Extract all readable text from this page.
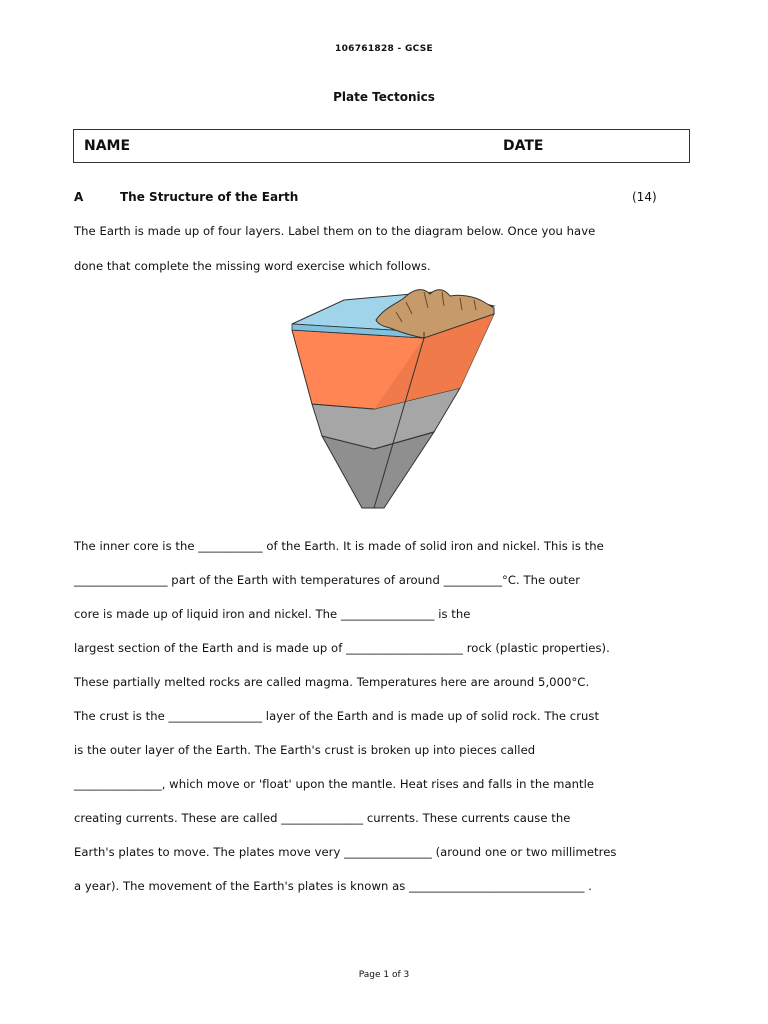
106761828 - GCSE
Plate Tectonics
NAME	DATE
A	The Structure of the Earth	(14)
The Earth is made up of four layers. Label them on to the diagram below. Once you have
done that complete the missing word exercise which follows.
The inner core is the ___________ of the Earth. It is made of solid iron and nickel. This is the
________________ part of the Earth with temperatures of around __________°C. The outer
core is made up of liquid iron and nickel. The ________________ is the
largest section of the Earth and is made up of ____________________ rock (plastic properties).
These partially melted rocks are called magma. Temperatures here are around 5,000°C.
The crust is the ________________ layer of the Earth and is made up of solid rock. The crust
is the outer layer of the Earth. The Earth's crust is broken up into pieces called
_______________, which move or 'float' upon the mantle. Heat rises and falls in the mantle
creating currents. These are called ______________ currents. These currents cause the
Earth's plates to move. The plates move very _______________ (around one or two millimetres
a year). The movement of the Earth's plates is known as ______________________________ .
Page 1 of 3
